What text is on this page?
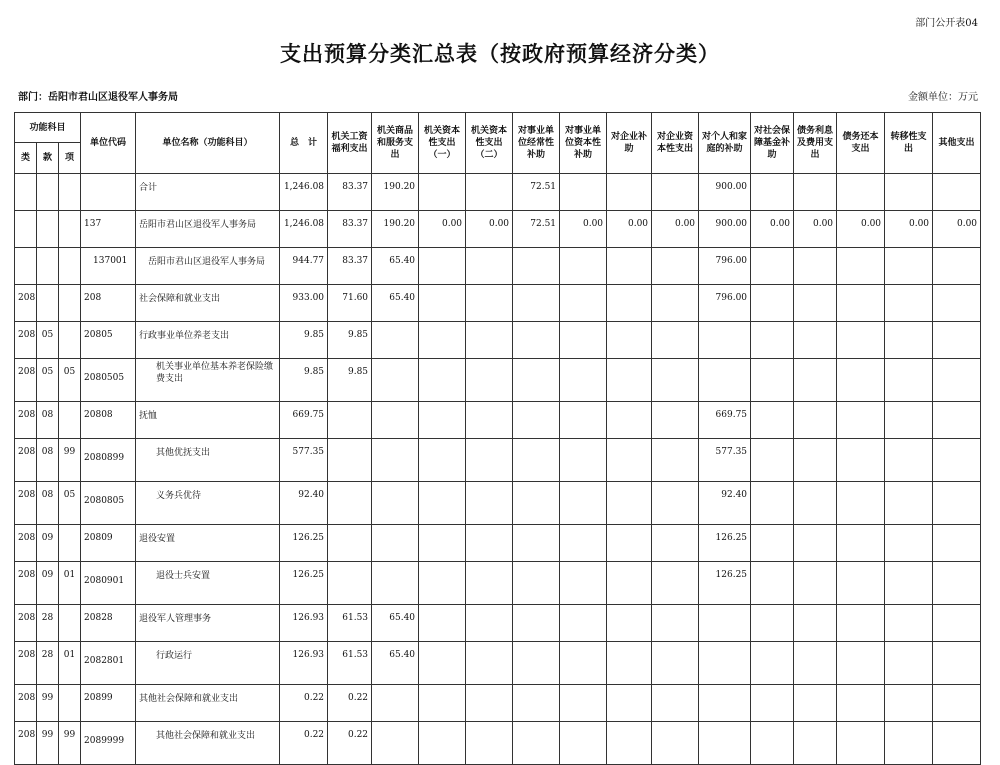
部门公开表04
支出预算分类汇总表（按政府预算经济分类）
部门：岳阳市君山区退役军人事务局	金额单位：万元
功能科目			单位代码	单位名称（功能科目）	总　计	机关工资福利支出	机关商品和服务支出	机关资本性支出（一）	机关资本性支出（二）	对事业单位经常性补助	对事业单位资本性补助	对企业补助	对企业资本性支出	对个人和家庭的补助	对社会保障基金补助	债务利息及费用支出	债务还本支出	转移性支出	其他支出
类	款	项																	
				合计	1,246.08	83.37	190.20			72.51				900.00					
			137	岳阳市君山区退役军人事务局	1,246.08	83.37	190.20	0.00	0.00	72.51	0.00	0.00	0.00	900.00	0.00	0.00	0.00	0.00	0.00
			137001	岳阳市君山区退役军人事务局	944.77	83.37	65.40							796.00					
208			208	社会保障和就业支出	933.00	71.60	65.40							796.00					
208	05		20805	行政事业单位养老支出	9.85	9.85													
208	05	05	2080505	机关事业单位基本养老保险缴费支出	9.85	9.85													
208	08		20808	抚恤	669.75									669.75					
208	08	99	2080899	其他优抚支出	577.35									577.35					
208	08	05	2080805	义务兵优待	92.40									92.40					
208	09		20809	退役安置	126.25									126.25					
208	09	01	2080901	退役士兵安置	126.25									126.25					
208	28		20828	退役军人管理事务	126.93	61.53	65.40												
208	28	01	2082801	行政运行	126.93	61.53	65.40												
208	99		20899	其他社会保障和就业支出	0.22	0.22													
208	99	99	2089999	其他社会保障和就业支出	0.22	0.22													
